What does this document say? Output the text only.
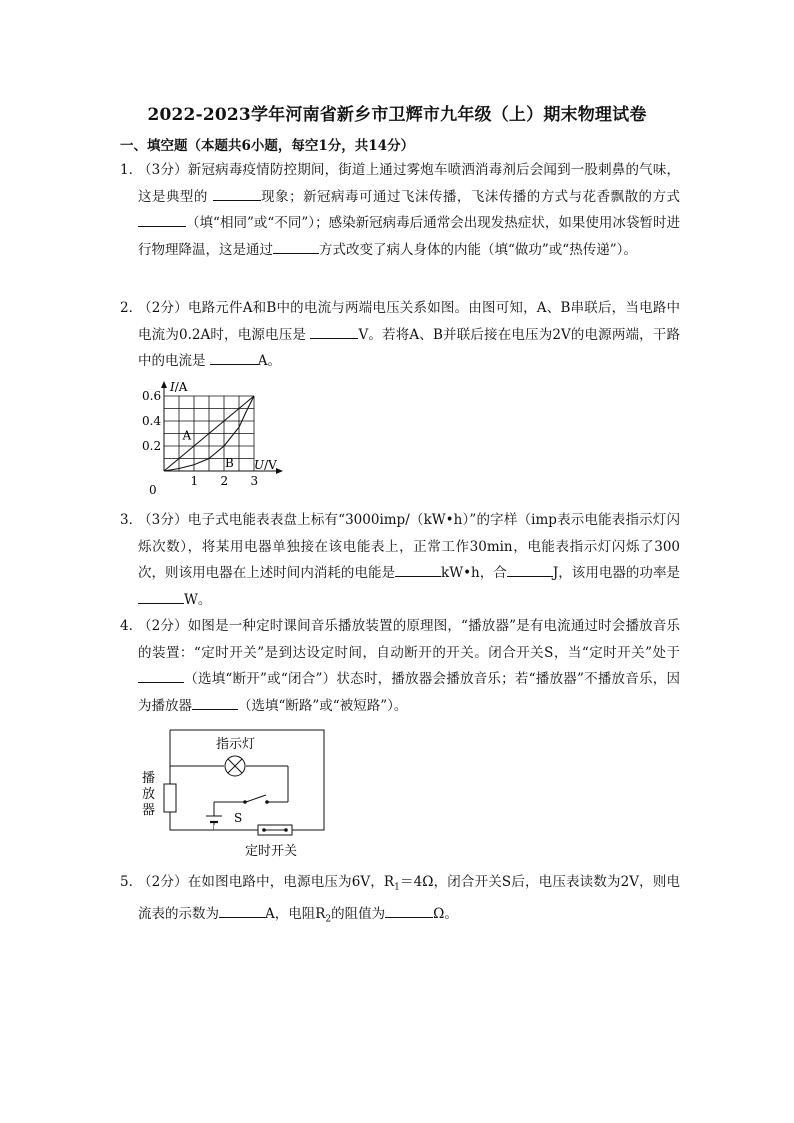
2022-2023学年河南省新乡市卫辉市九年级（上）期末物理试卷
一、填空题（本题共6小题，每空1分，共14分）
1．
（3分）新冠病毒疫情防控期间，街道上通过雾炮车喷洒消毒剂后会闻到一股刺鼻的气味，这是典型的	现象；新冠病毒可通过飞沫传播，飞沫传播的方式与花香飘散的方式 （填“相同”或“不同”）；感染新冠病毒后通常会出现发热症状，如果使用冰袋暂时进行物理降温，这是通过	方式改变了病人身体的内能（填“做功”或“热传递”）。
2．
（2分）电路元件A和B中的电流与两端电压关系如图。由图可知，A、B串联后，当电路中电流为0.2A时，电源电压是	V。若将A、B并联后接在电压为2V的电源两端，干路中的电流是	A。
1 2 3
0.2
0.4
0.6
A
B
I/A
U/V
0
3．
（3分）电子式电能表表盘上标有“3000imp/（kW•h）”的字样（imp表示电能表指示灯闪烁次数），将某用电器单独接在该电能表上，正常工作30min，电能表指示灯闪烁了300次，则该用电器在上述时间内消耗的电能是	kW•h，合	J，该用电器的功率是W。
4．
（2分）如图是一种定时课间音乐播放装置的原理图，“播放器”是有电流通过时会播放音乐的装置：“定时开关”是到达设定时间，自动断开的开关。闭合开关S，当“定时开关”处于（选填“断开”或“闭合”）状态时，播放器会播放音乐；若“播放器”不播放音乐，因为播放器	（选填“断路”或“被短路”）。
指示灯
S
定时开关
播放器
5．
（2分）在如图电路中，电源电压为6V，$R_1=4\Omega$，闭合开关S后，电压表读数为2V，则电流表的示数为	A，电阻$R_2$的阻值为	Ω。
